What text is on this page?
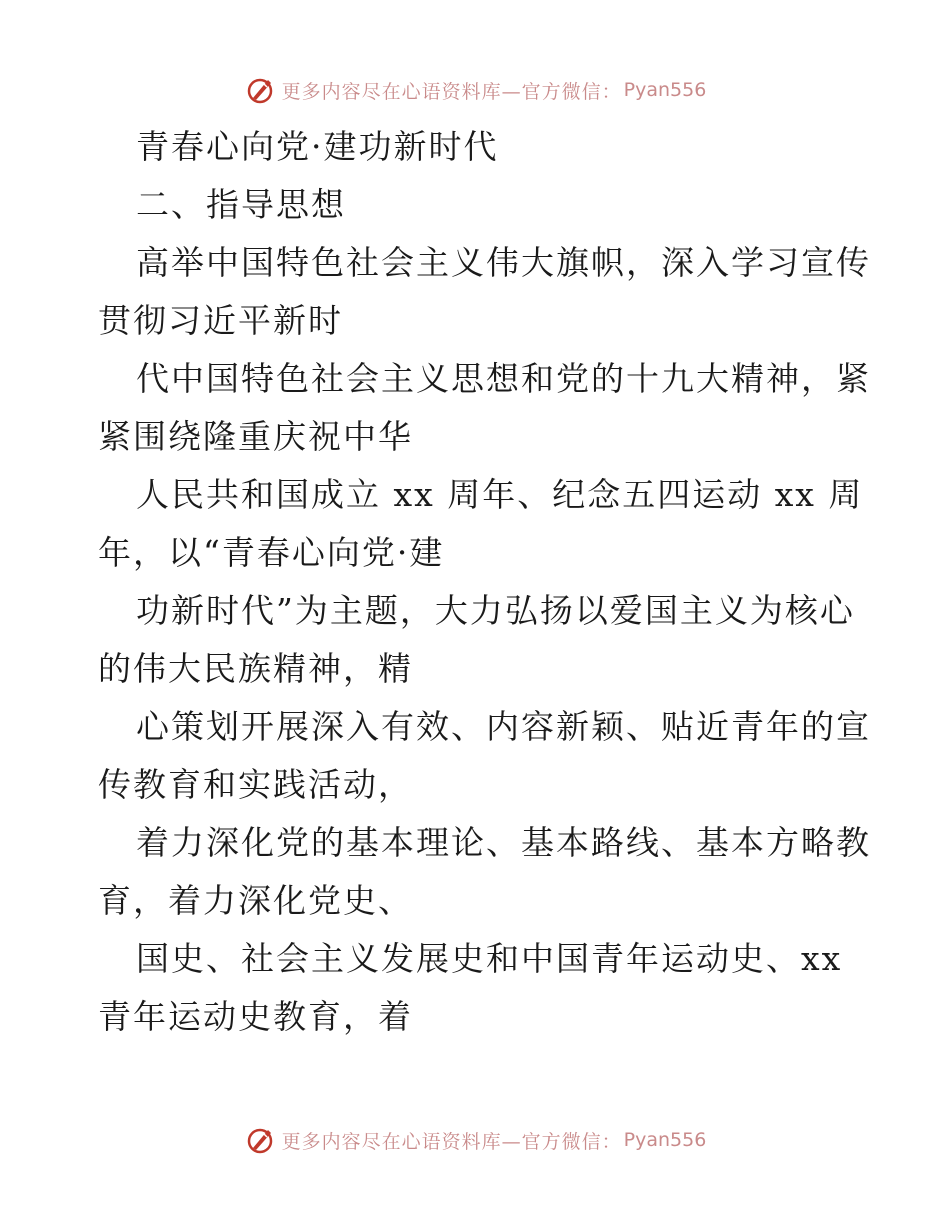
更多内容尽在心语资料库—官方微信： Pyan556
青春心向党·建功新时代
二、指导思想
高举中国特色社会主义伟大旗帜，深入学习宣传
贯彻习近平新时
代中国特色社会主义思想和党的十九大精神，紧
紧围绕隆重庆祝中华
人民共和国成立 xx 周年、纪念五四运动 xx 周
年，以“青春心向党·建
功新时代”为主题，大力弘扬以爱国主义为核心
的伟大民族精神，精
心策划开展深入有效、内容新颖、贴近青年的宣
传教育和实践活动，
着力深化党的基本理论、基本路线、基本方略教
育，着力深化党史、
国史、社会主义发展史和中国青年运动史、xx
青年运动史教育，着
更多内容尽在心语资料库—官方微信： Pyan556
